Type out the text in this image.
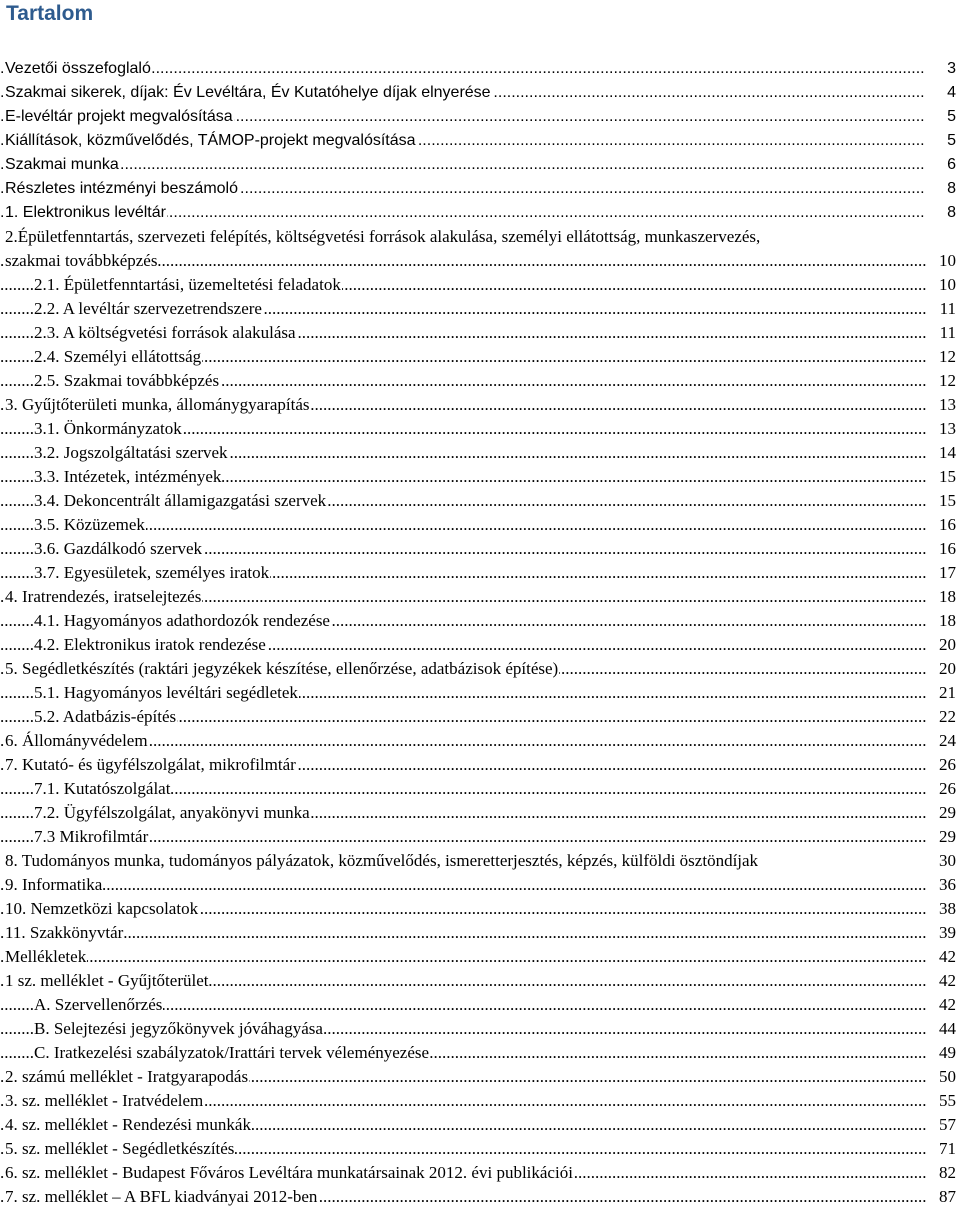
Tartalom
.....
Vezetői összefoglaló	3
.....
Szakmai sikerek, díjak: Év Levéltára, Év Kutatóhelye díjak elnyerése	4
.....
E-levéltár projekt megvalósítása	5
.....
Kiállítások, közművelődés, TÁMOP-projekt megvalósítása	5
.....
Szakmai munka	6
.....
Részletes intézményi beszámoló	8
.....
1. Elektronikus levéltár	8
2.Épületfenntartás, szervezeti felépítés, költségvetési források alakulása, személyi ellátottság, munkaszervezés,
.....
szakmai továbbképzés	10
.....
2.1. Épületfenntartási, üzemeltetési feladatok	10
.....
2.2. A levéltár szervezetrendszere	11
.....
2.3. A költségvetési források alakulása	11
.....
2.4. Személyi ellátottság	12
.....
2.5. Szakmai továbbképzés	12
.....
3. Gyűjtőterületi munka, állománygyarapítás	13
.....
3.1. Önkormányzatok	13
.....
3.2. Jogszolgáltatási szervek	14
.....
3.3. Intézetek, intézmények	15
.....
3.4. Dekoncentrált államigazgatási szervek	15
.....
3.5. Közüzemek	16
.....
3.6. Gazdálkodó szervek	16
.....
3.7. Egyesületek, személyes iratok	17
.....
4. Iratrendezés, iratselejtezés	18
.....
4.1. Hagyományos adathordozók rendezése	18
.....
4.2. Elektronikus iratok rendezése	20
.....
5. Segédletkészítés (raktári jegyzékek készítése, ellenőrzése, adatbázisok építése)	20
.....
5.1. Hagyományos levéltári segédletek	21
.....
5.2. Adatbázis-építés	22
.....
6. Állományvédelem	24
.....
7. Kutató- és ügyfélszolgálat, mikrofilmtár	26
.....
7.1. Kutatószolgálat	26
.....
7.2. Ügyfélszolgálat, anyakönyvi munka	29
.....
7.3 Mikrofilmtár	29
8. Tudományos munka, tudományos pályázatok, közművelődés, ismeretterjesztés, képzés, külföldi ösztöndíjak	30
.....
9. Informatika	36
.....
10. Nemzetközi kapcsolatok	38
.....
11. Szakkönyvtár	39
.....
Mellékletek	42
.....
1 sz. melléklet - Gyűjtőterület	42
.....
A. Szervellenőrzés	42
.....
B. Selejtezési jegyzőkönyvek jóváhagyása	44
.....
C. Iratkezelési szabályzatok/Irattári tervek véleményezése	49
.....
2. számú melléklet - Iratgyarapodás	50
.....
3. sz. melléklet - Iratvédelem	55
.....
4. sz. melléklet - Rendezési munkák	57
.....
5. sz. melléklet - Segédletkészítés	71
.....
6. sz. melléklet - Budapest Főváros Levéltára munkatársainak 2012. évi publikációi	82
.....
7. sz. melléklet – A BFL kiadványai 2012-ben	87
